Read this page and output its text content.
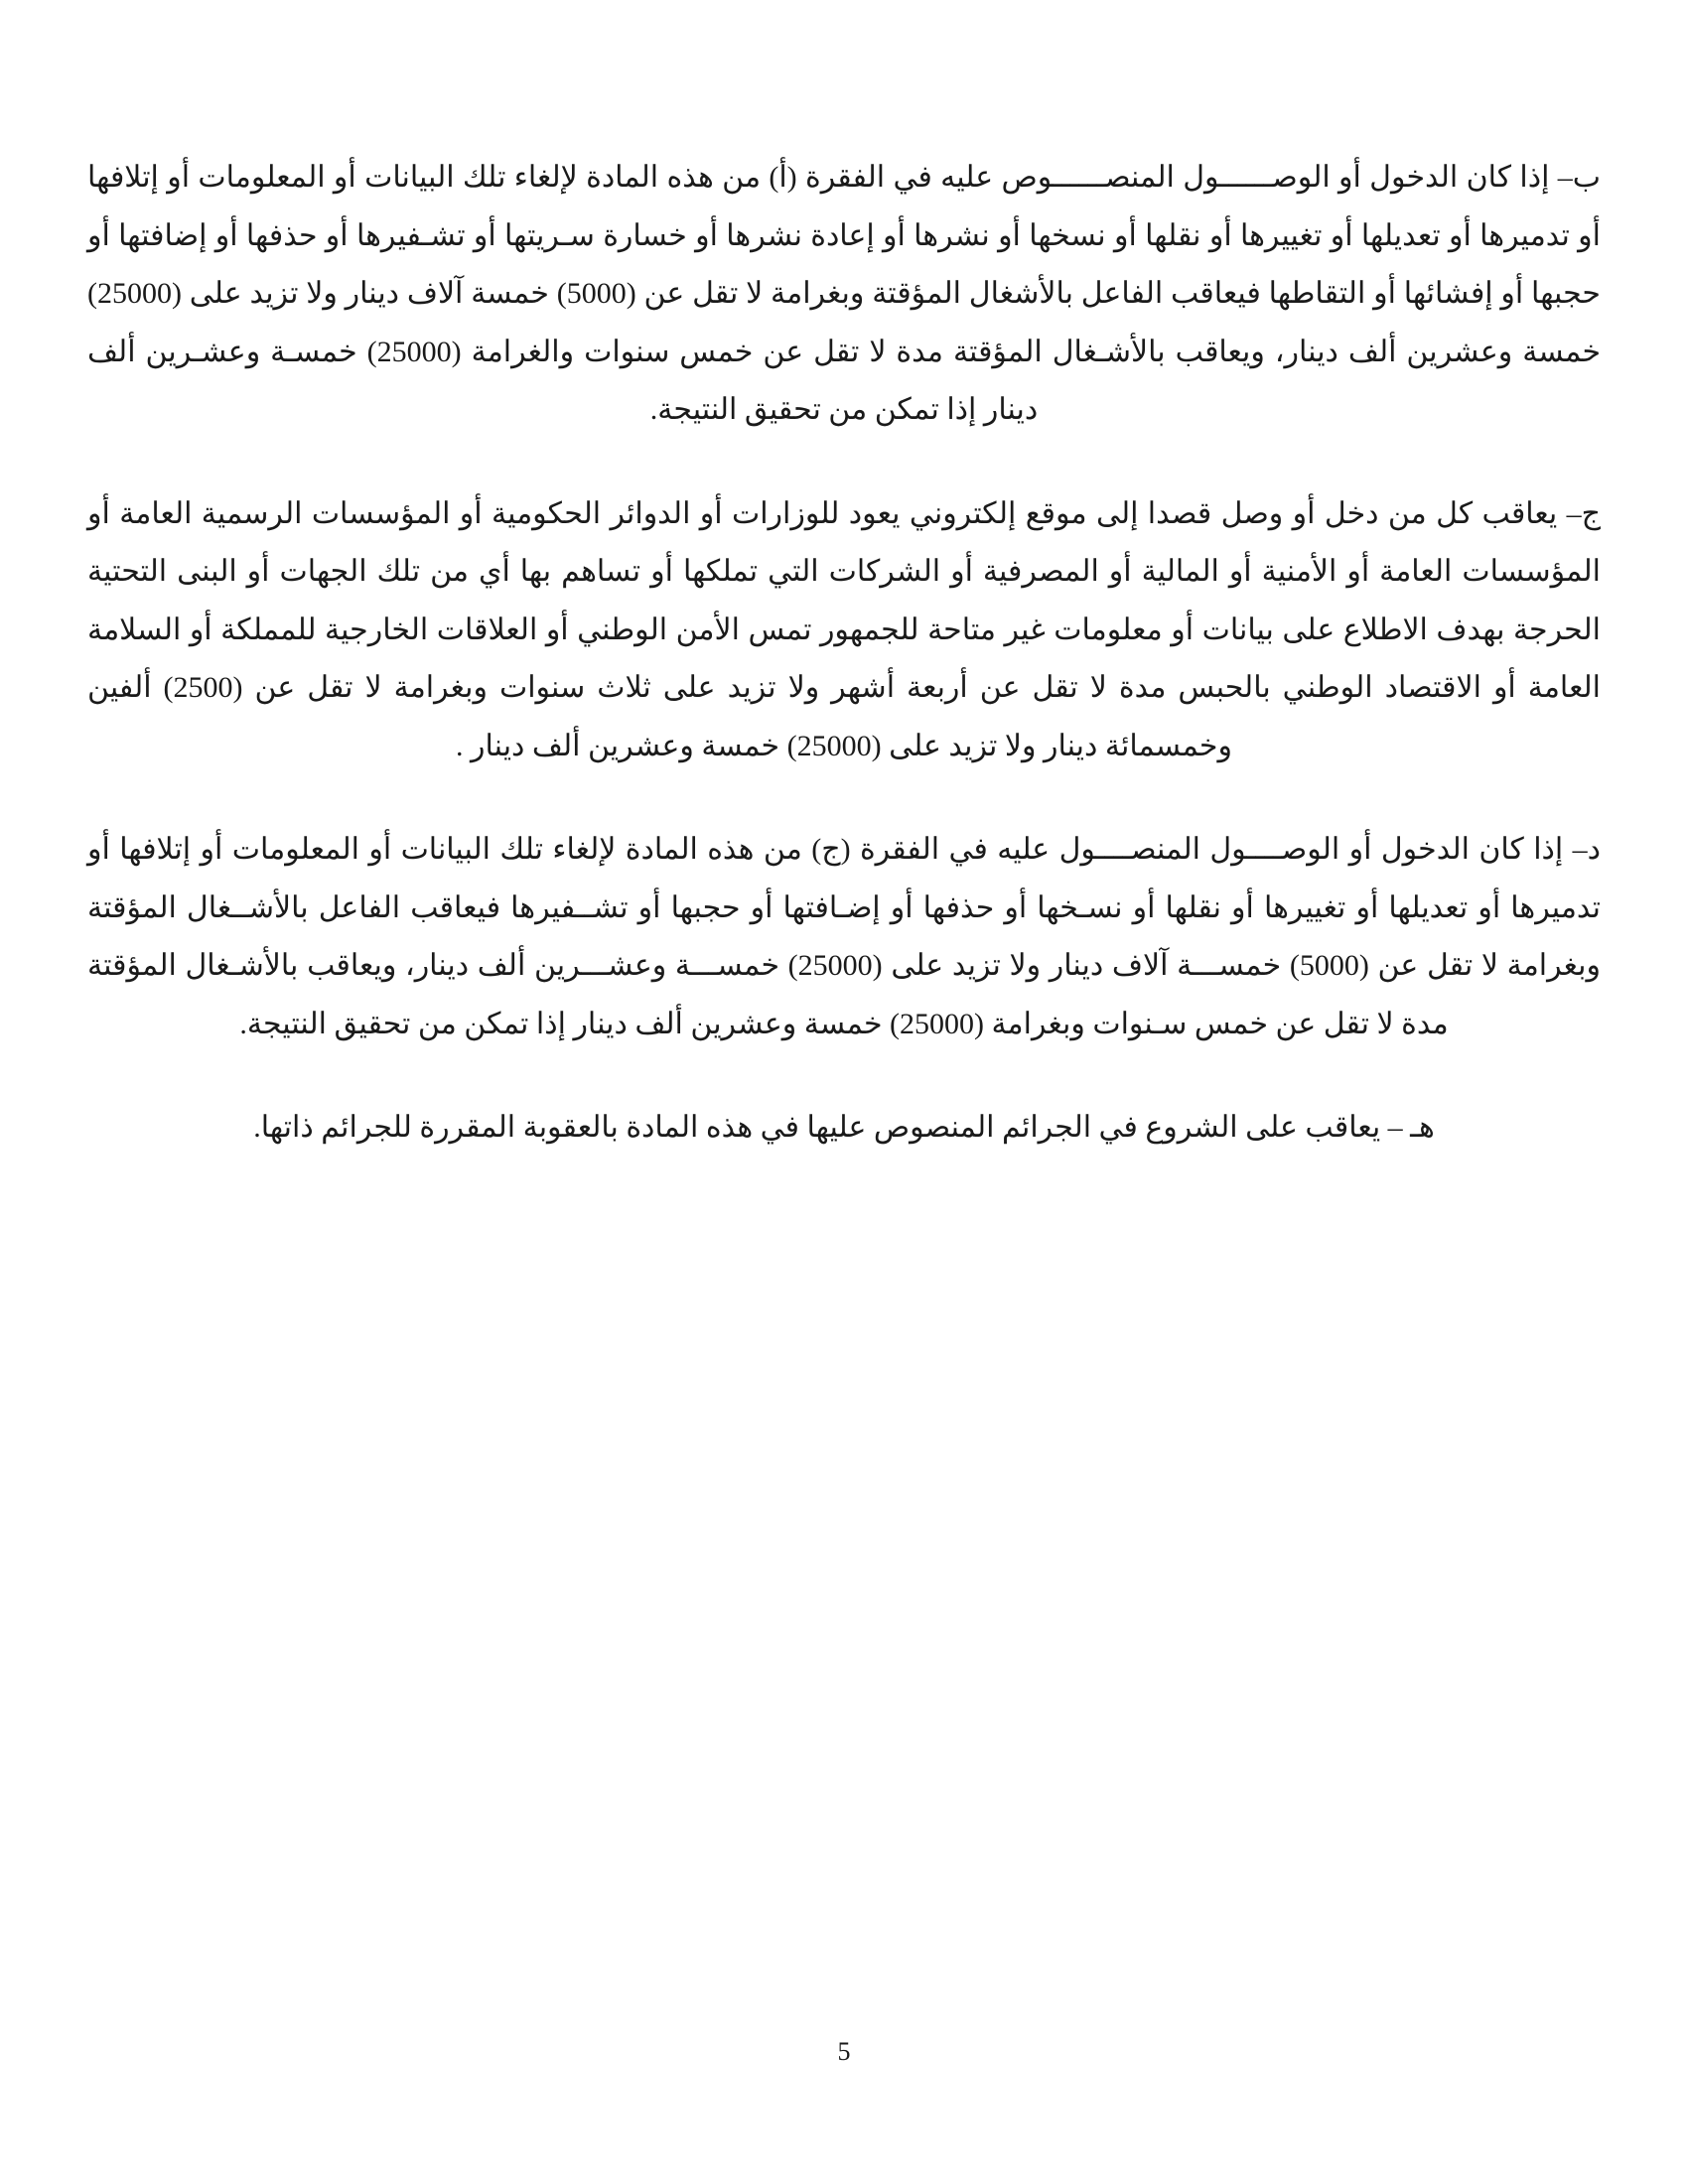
ب– إذا كان الدخول أو الوصــــــول المنصــــــوص عليه في الفقرة (أ) من هذه المادة لإلغاء تلك البيانات أو المعلومات أو إتلافها أو تدميرها أو تعديلها أو تغييرها أو نقلها أو نسخها أو نشرها أو إعادة نشرها أو خسارة سـريتها أو تشـفيرها أو حذفها أو إضافتها أو حجبها أو إفشائها أو التقاطها فيعاقب الفاعل بالأشغال المؤقتة وبغرامة لا تقل عن (5000) خمسة آلاف دينار ولا تزيد على (25000) خمسة وعشرين ألف دينار، ويعاقب بالأشـغال المؤقتة مدة لا تقل عن خمس سنوات والغرامة (25000) خمسـة وعشـرين ألف دينار إذا تمكن من تحقيق النتيجة.

ج– يعاقب كل من دخل أو وصل قصدا إلى موقع إلكتروني يعود للوزارات أو الدوائر الحكومية أو المؤسسات الرسمية العامة أو المؤسسات العامة أو الأمنية أو المالية أو المصرفية أو الشركات التي تملكها أو تساهم بها أي من تلك الجهات أو البنى التحتية الحرجة بهدف الاطلاع على بيانات أو معلومات غير متاحة للجمهور تمس الأمن الوطني أو العلاقات الخارجية للمملكة أو السلامة العامة أو الاقتصاد الوطني بالحبس مدة لا تقل عن أربعة أشهر ولا تزيد على ثلاث سنوات وبغرامة لا تقل عن (2500) ألفين وخمسمائة دينار ولا تزيد على (25000) خمسة وعشرين ألف دينار .

د– إذا كان الدخول أو الوصــــول المنصــــول عليه في الفقرة (ج) من هذه المادة لإلغاء تلك البيانات أو المعلومات أو إتلافها أو تدميرها أو تعديلها أو تغييرها أو نقلها أو نسـخها أو حذفها أو إضـافتها أو حجبها أو تشــفيرها فيعاقب الفاعل بالأشــغال المؤقتة وبغرامة لا تقل عن (5000) خمســـة آلاف دينار ولا تزيد على (25000) خمســـة وعشـــرين ألف دينار، ويعاقب بالأشـغال المؤقتة مدة لا تقل عن خمس سـنوات وبغرامة (25000) خمسة وعشرين ألف دينار إذا تمكن من تحقيق النتيجة.

هـ – يعاقب على الشروع في الجرائم المنصوص عليها في هذه المادة بالعقوبة المقررة للجرائم ذاتها.

5
